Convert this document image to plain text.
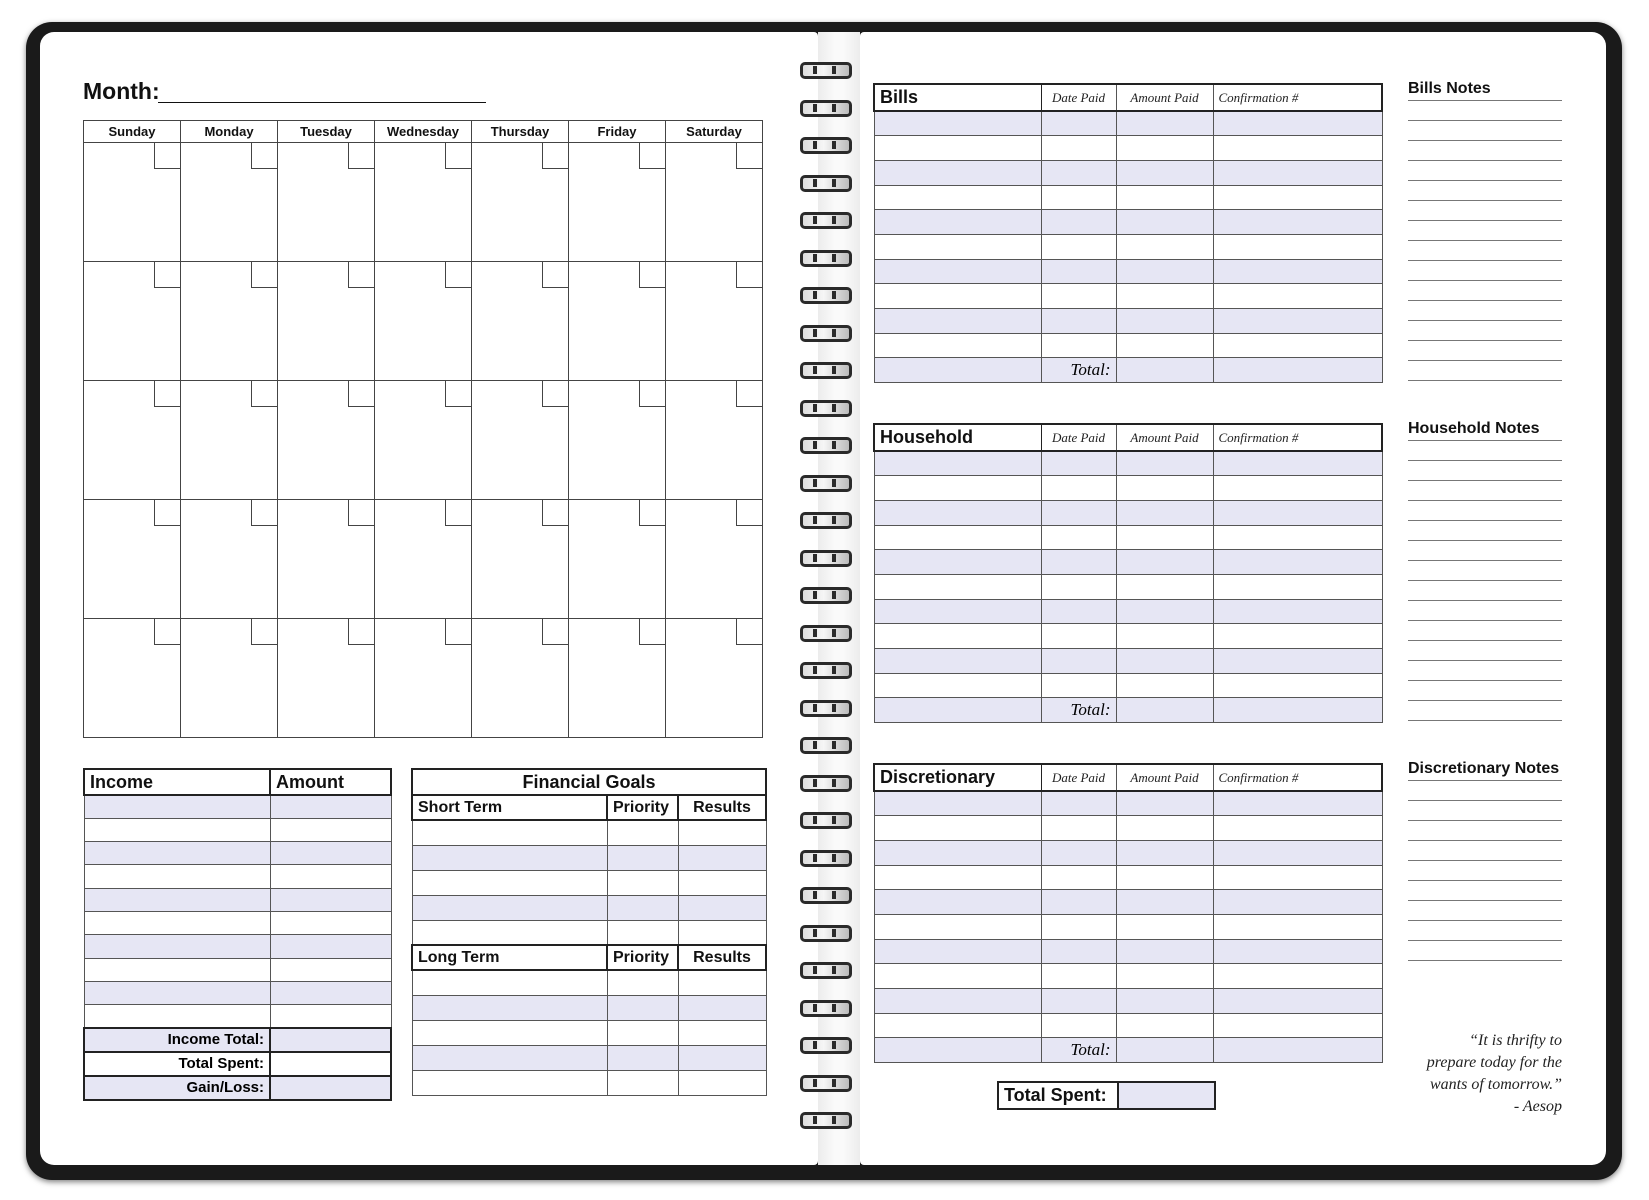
Month:
Sunday	Monday	Tuesday	Wednesday	Thursday	Friday	Saturday

Income	Amount

Income Total:	
Total Spent:	
Gain/Loss:	
Financial Goals		
Short Term	Priority	Results

Long Term	Priority	Results

Bills	Date Paid	Amount Paid	Confirmation #

	Total:		
Household	Date Paid	Amount Paid	Confirmation #

	Total:		
Discretionary	Date Paid	Amount Paid	Confirmation #

	Total:		
Total Spent:	
Bills Notes
Household Notes
Discretionary Notes
“It is thrifty to
prepare today for the
wants of tomorrow.”
- Aesop
